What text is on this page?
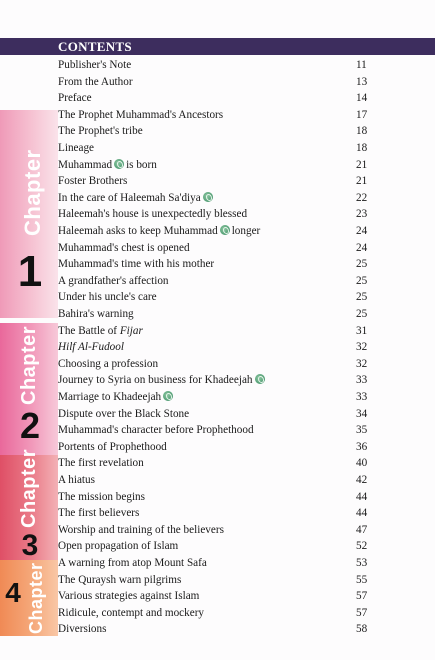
CONTENTS
Chapter
1
Chapter
2
Chapter
3
Chapter
4
Publisher's Note	11
From the Author	13
Preface	14
The Prophet Muhammad's Ancestors	17
The Prophet's tribe	18
Lineage	18
Muhammad is born	21
Foster Brothers	21
In the care of Haleemah Sa'diya	22
Haleemah's house is unexpectedly blessed	23
Haleemah asks to keep Muhammad longer	24
Muhammad's chest is opened	24
Muhammad's time with his mother	25
A grandfather's affection	25
Under his uncle's care	25
Bahira's warning	25
The Battle of Fijar	31
Hilf Al-Fudool	32
Choosing a profession	32
Journey to Syria on business for Khadeejah	33
Marriage to Khadeejah	33
Dispute over the Black Stone	34
Muhammad's character before Prophethood	35
Portents of Prophethood	36
The first revelation	40
A hiatus	42
The mission begins	44
The first believers	44
Worship and training of the believers	47
Open propagation of Islam	52
A warning from atop Mount Safa	53
The Quraysh warn pilgrims	55
Various strategies against Islam	57
Ridicule, contempt and mockery	57
Diversions	58
